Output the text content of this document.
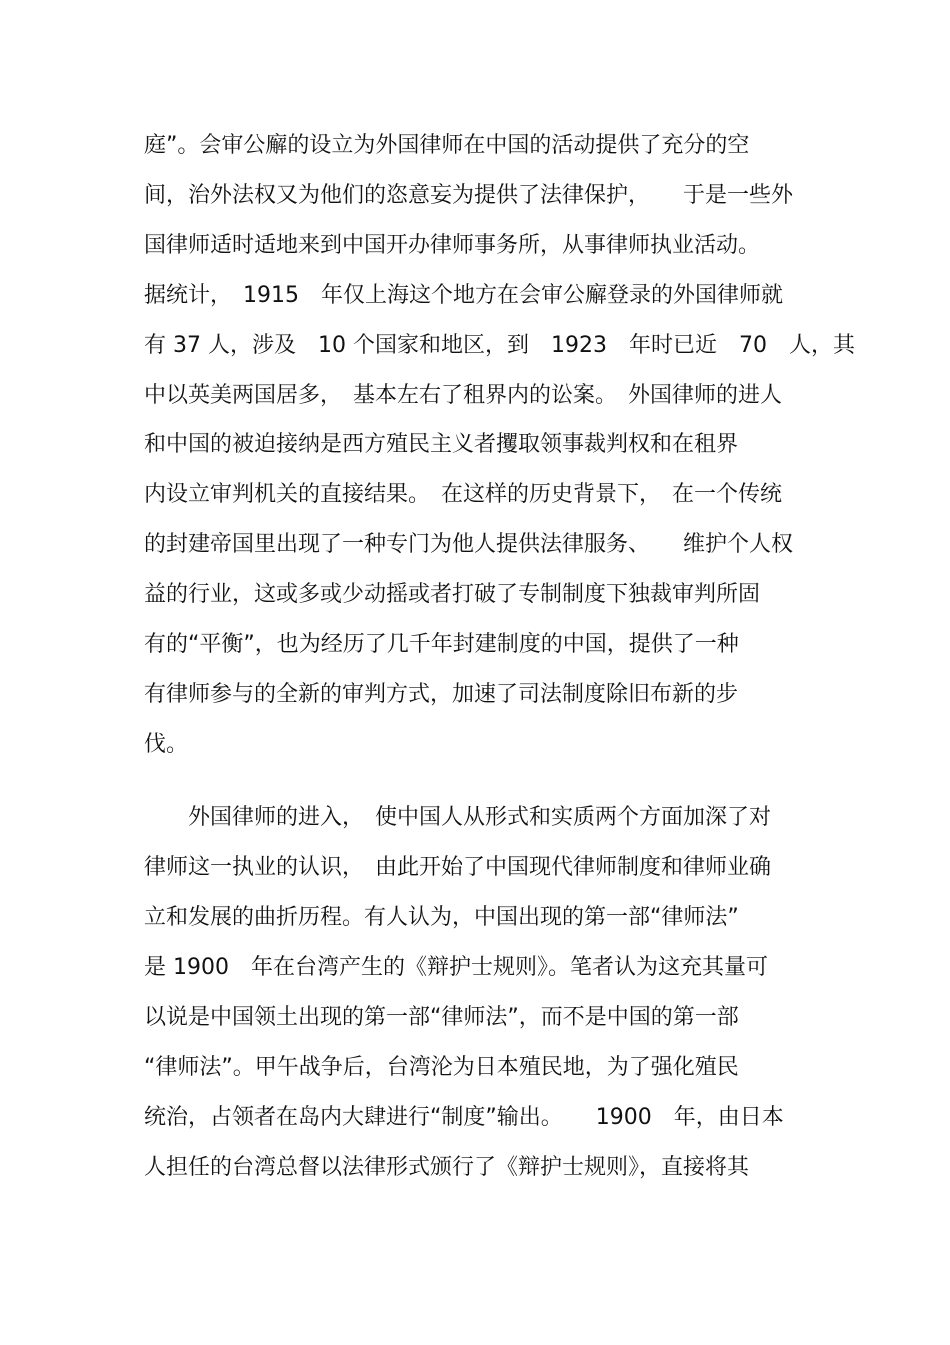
庭”。会审公廨的设立为外国律师在中国的活动提供了充分的空
间，治外法权又为他们的恣意妄为提供了法律保护，　　于是一些外
国律师适时适地来到中国开办律师事务所，从事律师执业活动。
据统计，　1915　年仅上海这个地方在会审公廨登录的外国律师就
有 37 人，涉及　10 个国家和地区，到　1923　年时已近　70　人，其
中以英美两国居多，　基本左右了租界内的讼案。　外国律师的进人
和中国的被迫接纳是西方殖民主义者攫取领事裁判权和在租界
内设立审判机关的直接结果。　在这样的历史背景下，　在一个传统
的封建帝国里出现了一种专门为他人提供法律服务、　　维护个人权
益的行业，这或多或少动摇或者打破了专制制度下独裁审判所固
有的“平衡”，也为经历了几千年封建制度的中国，提供了一种
有律师参与的全新的审判方式，加速了司法制度除旧布新的步
伐。
　　外国律师的进入，　使中国人从形式和实质两个方面加深了对
律师这一执业的认识，　由此开始了中国现代律师制度和律师业确
立和发展的曲折历程。有人认为，中国出现的第一部“律师法”
是 1900　年在台湾产生的《辩护士规则》。笔者认为这充其量可
以说是中国领土出现的第一部“律师法”，而不是中国的第一部
“律师法”。甲午战争后，台湾沦为日本殖民地，为了强化殖民
统治，占领者在岛内大肆进行“制度”输出。　　1900　年，由日本
人担任的台湾总督以法律形式颁行了《辩护士规则》，直接将其
